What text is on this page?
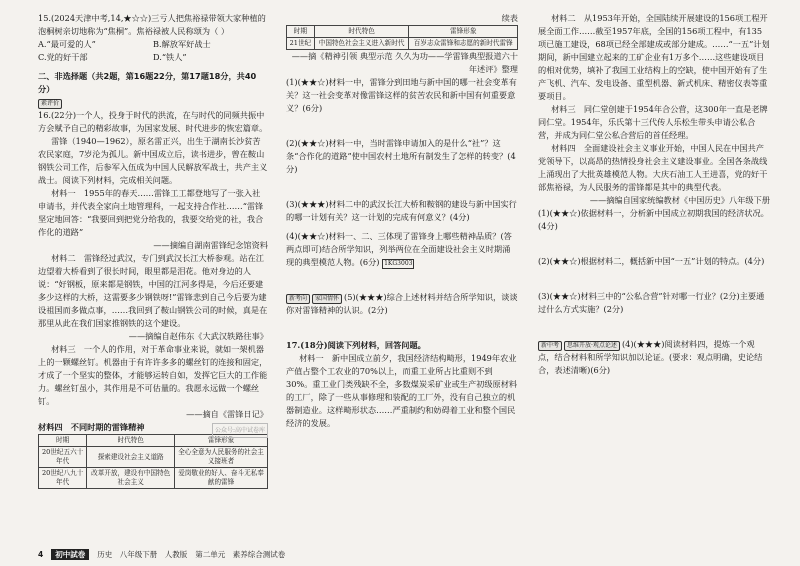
15.(2024天津中考,14,★☆☆)三亏人把焦裕禄带领大家种植的泡桐树亲切地称为“焦桐”。焦裕禄被人民称颂为（ ）

A.“最可爱的人”	B.解放军好战士
C.党的好干部	D.“铁人”

二、非选择题（共2题，第16题22分，第17题18分，共40分）

素评价

16.(22分)一个人，投身于时代的洪流，在与时代的同频共振中方会赋予自己的精彩故事，为国家发展、时代进步的恢宏篇章。

雷锋（1940—1962），原名雷正兴，出生于湖南长沙贫苦农民家庭，7岁沦为孤儿。新中国成立后，读书进步，曾在鞍山钢铁公司工作，后参军入伍成为中国人民解放军战士，共产主义战士。阅读下列材料，完成相关问题。

材料一　1955年的春天……雷锋工工都登地写了一张入社申请书，并代表全家向土地管理科，一起支持合作社……“雷锋坚定地回答：“我要回到把党分给我的，我要交给党的社，我合作化的道路”

——摘编自湖南雷锋纪念馆资料

材料二　雷锋经过武汉，专门到武汉长江大桥参观。站在江边望着大桥看到了很长时间，眼里都是泪花。他对身边的人说：“好钢板，原来都是钢铁，中国的江河多得是，今后还要建多少这样的大桥，这需要多少钢铁呀!”雷锋悲到自己今后要为建设祖国而多做点事，……我回到了鞍山钢铁公司的时候，真是在那里从此在我们国家推钢铁的这个建设。

——摘编自赵伟东《大武汉轶路往事》

材料三　一个人的作用，对于革命事业来说，就如一架机器上的一颗螺丝钉。机器由于有许许多多的螺丝钉的连接和固定，才成了一个坚实的整体，才能够运转自如，发挥它巨大的工作能力。螺丝钉虽小，其作用是不可估量的。我愿永远做一个螺丝钉。

——摘自《雷锋日记》

材料四　不同时期的雷锋精神	公众号:高中试卷库
时期	时代特色	雷锋形象
20世纪五六十年代	探索建设社会主义道路	全心全意为人民服务的社会主义接班者
20世纪八九十年代	改革开放，建设有中国特色社会主义	爱岗敬业的好人、奋斗无私奉献的雷锋

续表

时期	时代特色	雷锋形象
21世纪	中国特色社会主义进入新时代	百岁志众雷锋和志愿的新时代雷锋

——摘《精神引领 典型示范 久久为功——学雷锋典型报道六十年述评》整理

(1)(★★☆)材料一中，雷锋分到田地与新中国的哪一社会变革有关？这一社会变革对像雷锋这样的贫苦农民和新中国有何重要意义？(6分)

(2)(★★☆)材料一中，当时雷锋申请加入的是什么“社”？这条“合作化的道路”使中国农村土地所有制发生了怎样的转变？(4分)

(3)(★★★)材料二中的武汉长江大桥和鞍钢的建设与新中国实行的哪一计划有关？这一计划的完成有何意义？(4分)

(4)(★★☆)材料一、二、三体现了雷锋身上哪些精神品质？(答两点即可)结合所学知识，列举两位在全面建设社会主义时期涌现的典型模范人物。(6分) 1KG3003

新考向 家国情怀 (5)(★★★)综合上述材料并结合所学知识，谈谈你对雷锋精神的认识。(2分)

17.(18分)阅读下列材料，回答问题。

材料一　新中国成立前夕，我国经济结构畸形，1949年农业产值占整个工农业的70%以上，而重工业所占比重则不到30%。重工业门类残缺不全，多数煤炭采矿业或生产初级原材料的工厂，除了一些从事修理和装配的工厂外，没有自己独立的机器制造业。这样畸形状态……严重制约和妨碍着工业和整个国民经济的发展。

材料二　从1953年开始，全国陆续开展建设的156项工程开展全面工作……截至1957年底，全国的156项工程中，有135项已施工建设，68项已经全部建成或部分建成。……“一五”计划期间，新中国建立起来的工矿企业有1万多个……这些建设项目的相对优势，填补了我国工业结构上的空缺，使中国开始有了生产飞机、汽车、发电设备、重型机器、新式机床、精密仪表等重要项目。

材料三　同仁堂创建于1954年合公营，这300年一直是老牌同仁堂。1954年，乐氏第十三代传人乐松生带头申请公私合营，并成为同仁堂公私合营后的首任经理。

材料四　全面建设社会主义事业开始，中国人民在中国共产党领导下，以高昂的热情投身社会主义建设事业。全国各条战线上涌现出了大批英雄模范人物。大庆石油工人王进喜，党的好干部焦裕禄，为人民服务的雷锋都是其中的典型代表。

——摘编自国家统编教材《中国历史》八年级下册

(1)(★★☆)依据材料一，分析新中国成立初期我国的经济状况。(4分)

(2)(★★☆)根据材料二，概括新中国“一五”计划的特点。(4分)

(3)(★★☆)材料三中的“公私合营”针对哪一行业？(2分)主要通过什么方式实施？(2分)

新中考 思维开放·观点论述 (4)(★★★)阅读材料四，提炼一个观点，结合材料和所学知识加以论证。(要求：观点明确，史论结合，表述清晰)(6分)

4	初中試卷	历史　八年级下册　人教版 第二单元　素养综合测试卷
